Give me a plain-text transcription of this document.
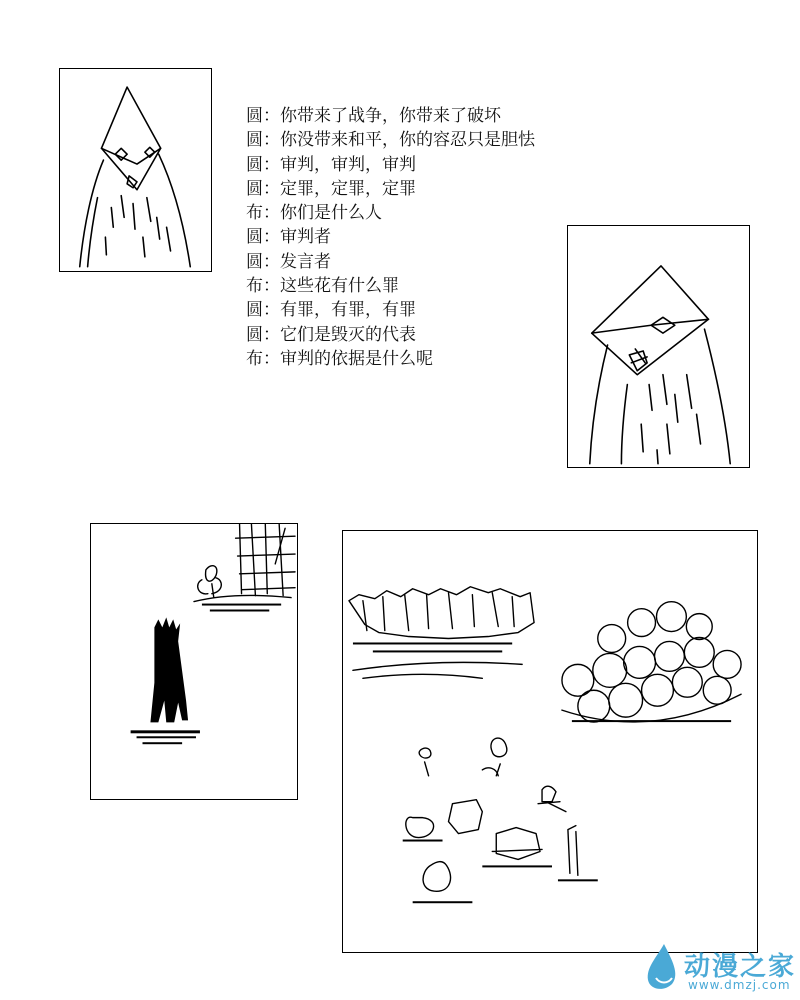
圆：你带来了战争，你带来了破坏
圆：你没带来和平，你的容忍只是胆怯
圆：审判，审判，审判
圆：定罪，定罪，定罪
布：你们是什么人
圆：审判者
圆：发言者
布：这些花有什么罪
圆：有罪，有罪，有罪
圆：它们是毁灭的代表
布：审判的依据是什么呢
动漫之家
www.dmzj.com
